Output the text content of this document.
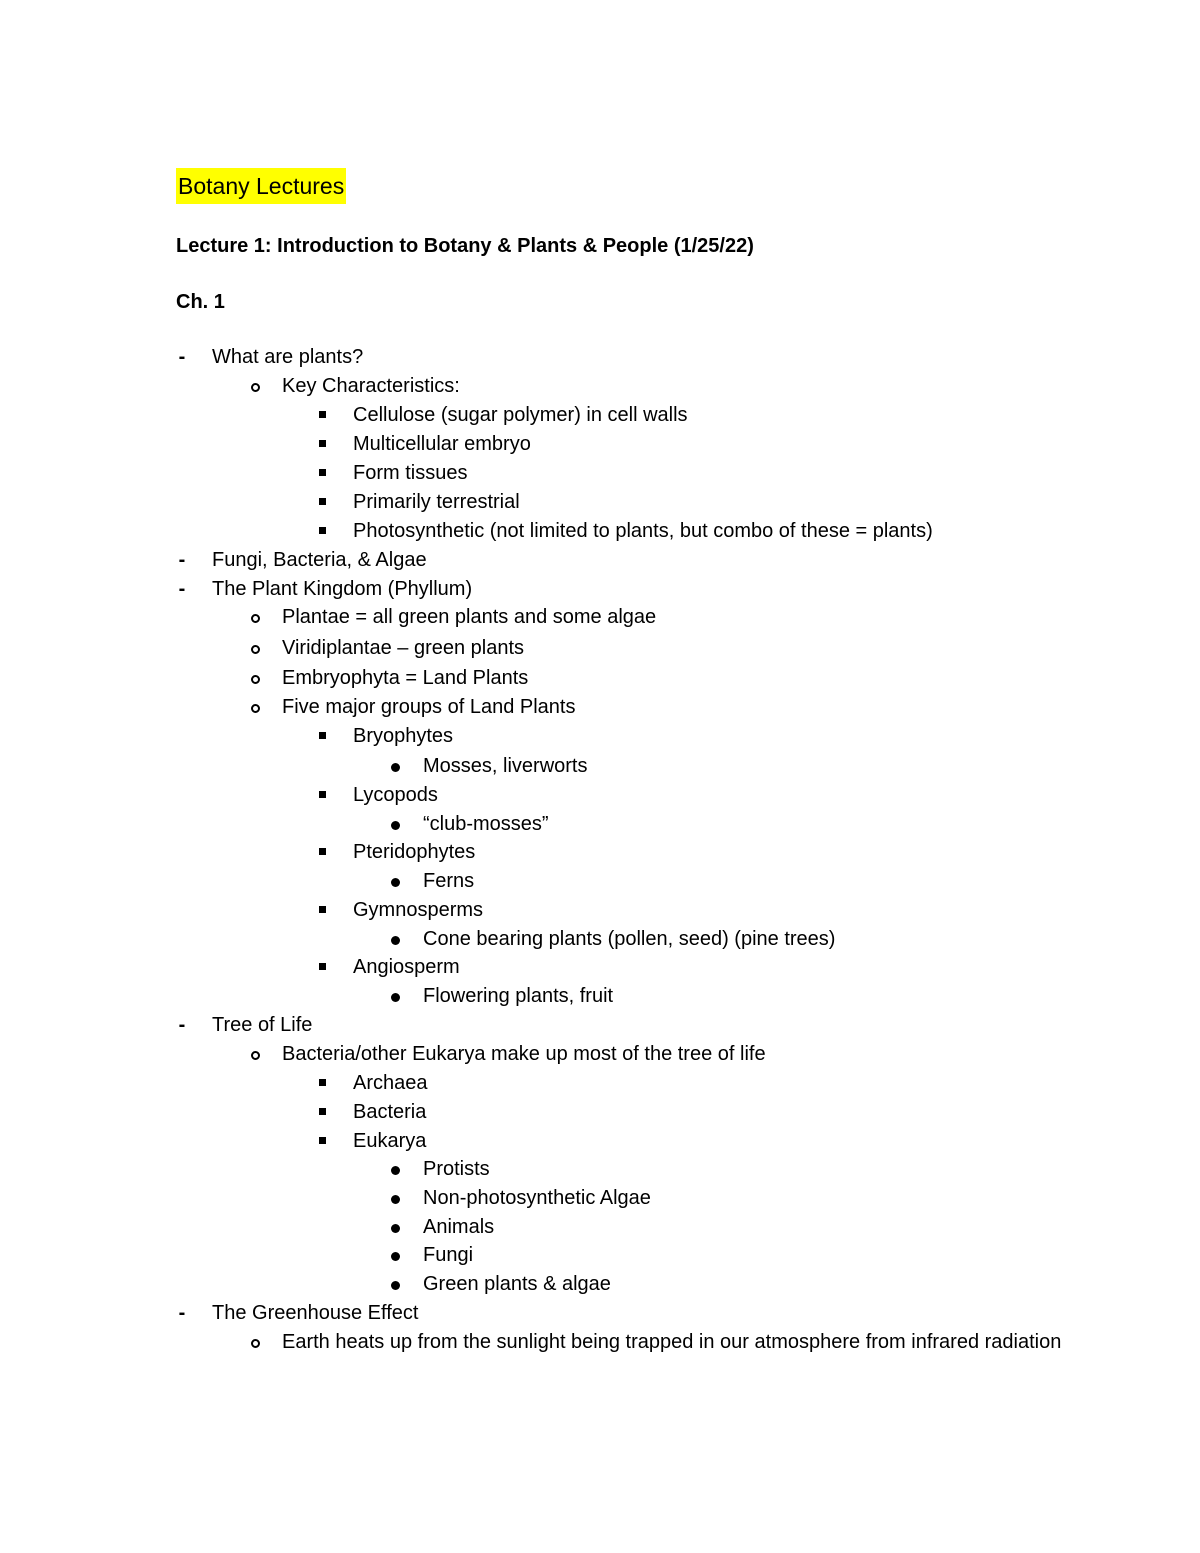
Botany Lectures
Lecture 1: Introduction to Botany & Plants & People (1/25/22)
Ch. 1
-	What are plants?
Key Characteristics:
Cellulose (sugar polymer) in cell walls
Multicellular embryo
Form tissues
Primarily terrestrial
Photosynthetic (not limited to plants, but combo of these = plants)
-	Fungi, Bacteria, & Algae
-	The Plant Kingdom (Phyllum)
Plantae = all green plants and some algae
Viridiplantae – green plants
Embryophyta = Land Plants
Five major groups of Land Plants
Bryophytes
Mosses, liverworts
Lycopods
“club-mosses”
Pteridophytes
Ferns
Gymnosperms
Cone bearing plants (pollen, seed) (pine trees)
Angiosperm
Flowering plants, fruit
-	Tree of Life
Bacteria/other Eukarya make up most of the tree of life
Archaea
Bacteria
Eukarya
Protists
Non-photosynthetic Algae
Animals
Fungi
Green plants & algae
-	The Greenhouse Effect
Earth heats up from the sunlight being trapped in our atmosphere from infrared radiation
